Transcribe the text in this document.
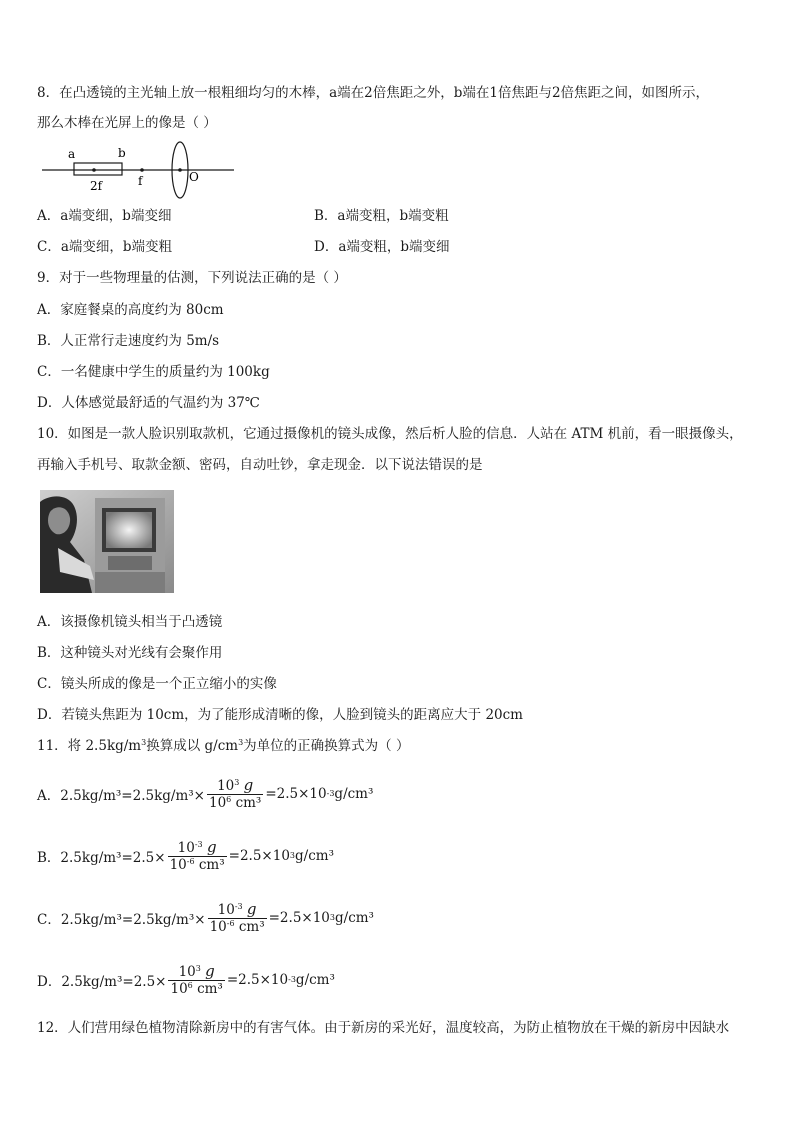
8．在凸透镜的主光轴上放一根粗细均匀的木棒，a端在2倍焦距之外，b端在1倍焦距与2倍焦距之间，如图所示，
那么木棒在光屏上的像是（ ）
a	b
2f	f	O
A．a端变细，b端变细	B．a端变粗，b端变粗
C．a端变细，b端变粗	D．a端变粗，b端变细
9．对于一些物理量的估测，下列说法正确的是（ ）
A．家庭餐桌的高度约为 80cm
B．人正常行走速度约为 5m/s
C．一名健康中学生的质量约为 100kg
D．人体感觉最舒适的气温约为 37℃
10．如图是一款人脸识别取款机，它通过摄像机的镜头成像，然后析人脸的信息．人站在 ATM 机前，看一眼摄像头，
再输入手机号、取款金额、密码，自动吐钞，拿走现金．以下说法错误的是
A．该摄像机镜头相当于凸透镜
B．这种镜头对光线有会聚作用
C．镜头所成的像是一个正立缩小的实像
D．若镜头焦距为 10cm，为了能形成清晰的像，人脸到镜头的距离应大于 20cm
11．将 $2.5kg/m^3$换算成以 $g/cm^3$为单位的正确换算式为（ ）
A．$2.5kg/m^3=2.5kg/m^3\times \frac{10^3 g}{10^6 cm^3} =2.5\times 10$ -3 g/cm³
B．$2.5kg/m^3=2.5\times \frac{10^{-3} g}{10^{-6} cm^3} =2.5\times 10$ 3 g/cm³
C．$2.5kg/m^3=2.5kg/m^3\times \frac{10^{-3} g}{10^{-6} cm^3} =2.5\times 10$ 3 g/cm³
D．$2.5kg/m^3=2.5\times \frac{10^3 g}{10^6 cm^3} =2.5\times 10$ -3 g/cm³
12．人们营用绿色植物清除新房中的有害气体。由于新房的采光好，温度较高，为防止植物放在干燥的新房中因缺水
